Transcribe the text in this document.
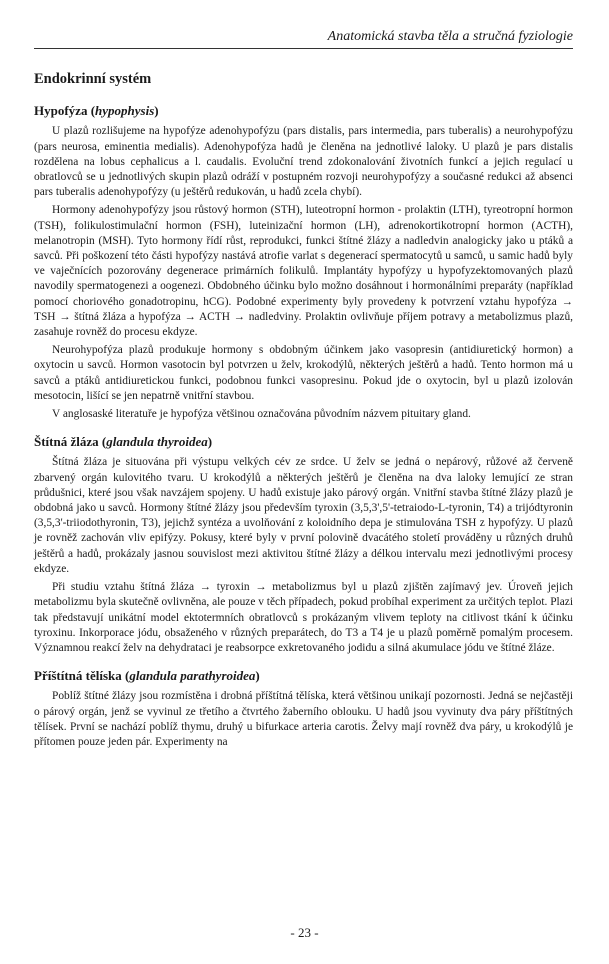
Anatomická stavba těla a stručná fyziologie
Endokrinní systém
Hypofýza (hypophysis)

U plazů rozlišujeme na hypofýze adenohypofýzu (pars distalis, pars intermedia, pars tuberalis) a neurohypofýzu (pars neurosa, eminentia medialis). Adenohypofýza hadů je členěna na jednotlivé laloky. U plazů je pars distalis rozdělena na lobus cephalicus a l. caudalis. Evoluční trend zdokonalování životních funkcí a jejich regulací u obratlovců se u jednotlivých skupin plazů odráží v postupném rozvoji neurohypofýzy a současné redukci až absenci pars tuberalis adenohypofýzy (u ještěrů redukován, u hadů zcela chybí).

Hormony adenohypofýzy jsou růstový hormon (STH), luteotropní hormon - prolaktin (LTH), tyreotropní hormon (TSH), folikulostimulační hormon (FSH), luteinizační hormon (LH), adrenokortikotropní hormon (ACTH), melanotropin (MSH). Tyto hormony řídí růst, reprodukci, funkci štítné žlázy a nadledvin analogicky jako u ptáků a savců. Při poškození této části hypofýzy nastává atrofie varlat s degenerací spermatocytů u samců, u samic hadů byly ve vaječnících pozorovány degenerace primárních folikulů. Implantáty hypofýzy u hypofyzektomovaných plazů navodily spermatogenezi a oogenezi. Obdobného účinku bylo možno dosáhnout i hormonálními preparáty (například pomocí choriového gonadotropinu, hCG). Podobné experimenty byly provedeny k potvrzení vztahu hypofýza → TSH → štítná žláza a hypofýza → ACTH → nadledviny. Prolaktin ovlivňuje příjem potravy a metabolizmus plazů, zasahuje rovněž do procesu ekdyze.

Neurohypofýza plazů produkuje hormony s obdobným účinkem jako vasopresin (antidiuretický hormon) a oxytocin u savců. Hormon vasotocin byl potvrzen u želv, krokodýlů, některých ještěrů a hadů. Tento hormon má u savců a ptáků antidiuretickou funkci, podobnou funkci vasopresinu. Pokud jde o oxytocin, byl u plazů izolován mesotocin, lišící se jen nepatrně vnitřní stavbou.

V anglosaské literatuře je hypofýza většinou označována původním názvem pituitary gland.

Štítná žláza (glandula thyroidea)

Štítná žláza je situována při výstupu velkých cév ze srdce. U želv se jedná o nepárový, růžové až červeně zbarvený orgán kulovitého tvaru. U krokodýlů a některých ještěrů je členěna na dva laloky lemující ze stran průdušnici, které jsou však navzájem spojeny. U hadů existuje jako párový orgán. Vnitřní stavba štítné žlázy plazů je obdobná jako u savců. Hormony štítné žlázy jsou především tyroxin (3,5,3',5'-tetraiodo-L-tyronin, T4) a trijódtyronin (3,5,3'-triiodothyronin, T3), jejichž syntéza a uvolňování z koloidního depa je stimulována TSH z hypofýzy. U plazů je rovněž zachován vliv epifýzy. Pokusy, které byly v první polovině dvacátého století prováděny u různých druhů ještěrů a hadů, prokázaly jasnou souvislost mezi aktivitou štítné žlázy a délkou intervalu mezi jednotlivými procesy ekdyze.

Při studiu vztahu štítná žláza → tyroxin → metabolizmus byl u plazů zjištěn zajímavý jev. Úroveň jejich metabolizmu byla skutečně ovlivněna, ale pouze v těch případech, pokud probíhal experiment za určitých teplot. Plazi tak představují unikátní model ektotermních obratlovců s prokázaným vlivem teploty na citlivost tkání k účinku tyroxinu. Inkorporace jódu, obsaženého v různých preparátech, do T3 a T4 je u plazů poměrně pomalým procesem. Významnou reakcí želv na dehydrataci je reabsorpce exkretovaného jodidu a silná akumulace jódu ve štítné žláze.

Příštítná tělíska (glandula parathyroidea)

Poblíž štítné žlázy jsou rozmístěna i drobná příštítná tělíska, která většinou unikají pozornosti. Jedná se nejčastěji o párový orgán, jenž se vyvinul ze třetího a čtvrtého žaberního oblouku. U hadů jsou vyvinuty dva páry příštítných tělísek. První se nachází poblíž thymu, druhý u bifurkace arteria carotis. Želvy mají rovněž dva páry, u krokodýlů je přítomen pouze jeden pár. Experimenty na

- 23 -
